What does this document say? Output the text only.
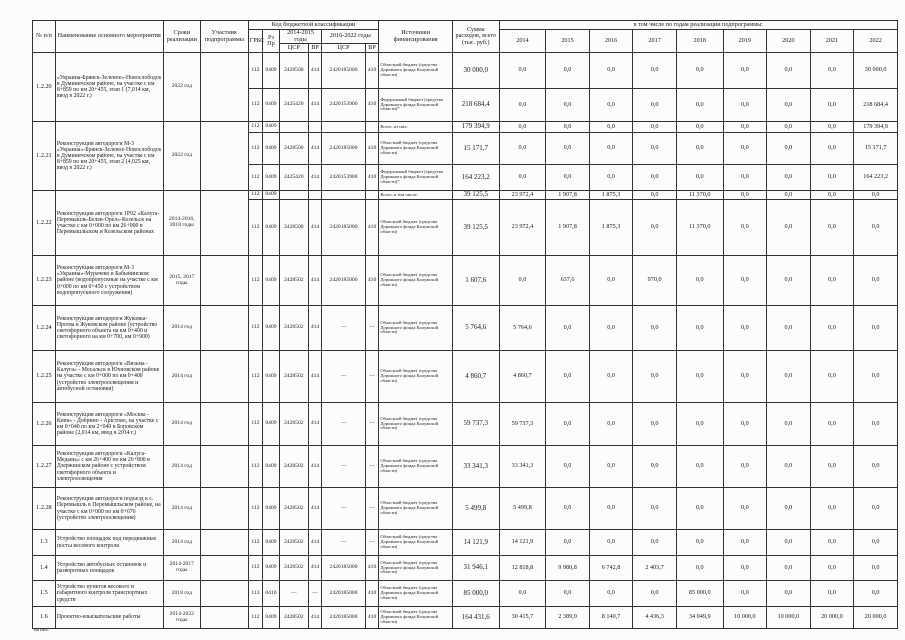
№ п/п	Наименование основного мероприятия	Сроки реализации	Участник подпрограммы	Код бюджетной классификации						Источники финансирования	Сумма расходов, всего (тыс. руб.)	в том числе по годам реализации подпрограммы:								
				ГРБС	Рз Пр	2014-2015 годы		2016-2022 годы				2014	2015	2016	2017	2018	2019	2020	2021	2022
						ЦСР	ВР	ЦСР	ВР											
1.2.20	«Украина-Брянск-Зеленое»-Новослободск в Думиничском районе, на участке с км 8+859 по км 20+455, этап 1 (7,014 км, ввод в 2022 г.)	2022 год		112	0409	2428500	414	2420185000	410	Областной бюджет (средства Дорожного фонда Калужской области)	30 000,0	0,0	0,0	0,0	0,0	0,0	0,0	0,0	0,0	30 000,0
				112	0409	2425420	414	2420153900	410	Федеральный бюджет (средства Дорожного фонда Калужской области)*	218 684,4	0,0	0,0	0,0	0,0	0,0	0,0	0,0	0,0	218 684,4
1.2.21	Реконструкция автодороги М-3 «Украина»-Брянск-Зеленое-Новослободск в Думиничском районе, на участке с км 8+859 по км 20+455, этап 2 (4,025 км, ввод в 2022 г.)	2022 год		112	0409					Всего, из них:	179 394,9	0,0	0,0	0,0	0,0	0,0	0,0	0,0	0,0	179 394,9
				112	0409	2428500	414	2420185000	410	Областной бюджет (средства Дорожного фонда Калужской области)	15 171,7	0,0	0,0	0,0	0,0	0,0	0,0	0,0	0,0	15 171,7
				112	0409	2425420	414	2420153900	410	Федеральный бюджет (средства Дорожного фонда Калужской области)*	164 223,2	0,0	0,0	0,0	0,0	0,0	0,0	0,0	0,0	164 223,2
1.2.22	Реконструкция автодороги 1Р92 «Калуга-Перемышль-Белев-Орел»-Козельск на участке с км 0+000 по км 26+000 в Перемышльском и Козельском районах	2014-2016, 2018 годы		112	0409					Всего, в том числе:	39 125,5	23 972,4	1 907,8	1 875,3	0,0	11 370,0	0,0	0,0	0,0	0,0
				112	0409	2428500	414	2420185000	410	Областной бюджет (средства Дорожного фонда Калужской области)	39 125,5	23 972,4	1 907,8	1 875,3	0,0	11 370,0	0,0	0,0	0,0	0,0
1.2.23	Реконструкция автодороги М-3 «Украина»-Мурачево в Бабынинском районе (водопропускные на участке с км 0+000 по км 0+450 с устройством водопропускного сооружения)	2015, 2017 годы		112	0409	2428502	414	2420185000	410	Областной бюджет (средства Дорожного фонда Калужской области)	1 607,6	0,0	637,6	0,0	970,0	0,0	0,0	0,0	0,0	0,0
1.2.24	Реконструкция автодороги Жуковка-Протва в Жуковском районе (устройство светофорного объекта на км 0+400 и светофорного на км 0+700, км 0+900)	2014 год		112	0409	2428502	414	—	—	Областной бюджет (средства Дорожного фонда Калужской области)	5 764,6	5 764,6	0,0	0,0	0,0	0,0	0,0	0,0	0,0	0,0
1.2.25	Реконструкция автодороги «Вязьма - Калуга» - Мосальск в Юхновском районе на участке с км 0+000 по км 0+400 (устройство электроосвещения и автобусной остановки)	2014 год		112	0409	2428502	414	—	—	Областной бюджет (средства Дорожного фонда Калужской области)	4 860,7	4 860,7	0,0	0,0	0,0	0,0	0,0	0,0	0,0	0,0
1.2.26	Реконструкция автодороги «Москва - Киев» - Добрино - Арістово, на участке с км 0+040 по км 2+040 в Боровском районе (2,014 км, ввод в 2014 г.)	2014 год		112	0409	2428502	414	—	—	Областной бюджет (средства Дорожного фонда Калужской области)	59 737,3	59 737,3	0,0	0,0	0,0	0,0	0,0	0,0	0,0	0,0
1.2.27	Реконструкция автодороги «Калуга-Медынь» с км 26+400 по км 26+800 в Дзержинском районе с устройством светофорного объекта и электроосвещения	2014 год		112	0409	2428502	414	—	—	Областной бюджет (средства Дорожного фонда Калужской области)	33 341,3	33 341,3	0,0	0,0	0,0	0,0	0,0	0,0	0,0	0,0
1.2.28	Реконструкция автодороги подъезд к с. Перемышль в Перемышльском районе, на участке с км 0+000 по км 0+670 (устройство электроосвещения)	2014 год		112	0409	2428502	414	—	—	Областной бюджет (средства Дорожного фонда Калужской области)	5 499,8	5 499,8	0,0	0,0	0,0	0,0	0,0	0,0	0,0	0,0
1.3	Устройство площадок под передвижные посты весового контроля	2014 год		112	0409	2428502	414	—	—	Областной бюджет (средства Дорожного фонда Калужской области)	14 121,9	14 121,9	0,0	0,0	0,0	0,0	0,0	0,0	0,0	0,0
1.4	Устройство автобусных остановок и разворотных площадок	2014-2017 годы		112	0409	2428502	414	2420185000	410	Областной бюджет (средства Дорожного фонда Калужской области)	31 946,1	12 818,8	9 980,8	6 742,8	2 403,7	0,0	0,0	0,0	0,0	0,0
1.5	Устройство пунктов весового и габаритного контроля транспортных средств	2018 год		113	0410	—	—	2420185000	410	Областной бюджет (средства Дорожного фонда Калужской области)	85 000,0	0,0	0,0	0,0	0,0	85 000,0	0,0	0,0	0,0	0,0
1.6	Проектно-изыскательские работы	2014-2022 годы		112	0409	2428502	414	2420185000	410	Областной бюджет (средства Дорожного фонда Калужской области)	164 431,6	30 415,7	2 389,0	8 140,7	4 436,3	34 049,9	10 000,0	10 000,0	20 000,0	20 000,0
на них:
